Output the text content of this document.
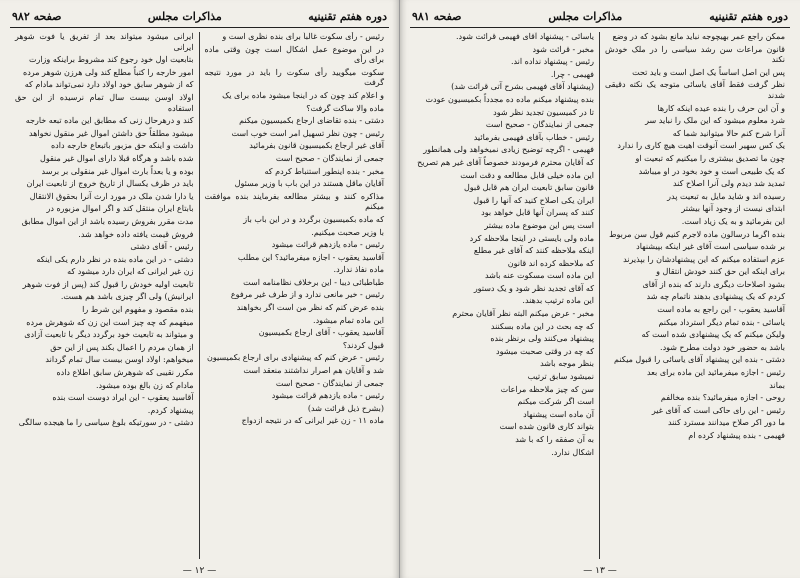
دوره هفتم تقنینیه
مذاکرات مجلس
صفحه ۹۸۲

رئیس - رأی سکوت غالباً برای بنده نظری است و

در این موضوع عمل اشکال است چون وقتی ماده برای رأی

سکوت میگویید رأی سکوت را باید در مورد نتیجه گرفت

و اعلام کند چون که در اینجا میشود ماده برای یک

ماده والا ساکت گرفت؟

دشتی - بنده تقاضای ارجاع بکمیسیون میکنم

رئیس - چون نظر تسهیل امر است خوب است

آقای غیر ارجاع بکمیسیون قانون بفرمائید

جمعی از نمایندگان - صحیح است

مخبر - بنده اینطور استنباط کردم که

آقایان ماقل هستند در این باب با وزیر مسئول

مذاکره کنند و بیشتر مطالعه بفرمایند بنده موافقت میکنم

که ماده بکمیسیون برگردد و در این باب باز

با وزیر صحبت میکنیم.

رئیس - ماده یازدهم قرائت میشود

آقاسید یعقوب - اجازه میفرمائید؟ این مطلب

ماده نفاذ ندارد.

طباطبائی دیبا - این برخلاف نظامنامه است

رئیس - خیر مانعی ندارد و از طرف غیر مرفوع

بنده عرض کنم که نظر من است اگر بخواهند

این ماده تمام میشود.

آقاسید یعقوب - آقای ارجاع بکمیسیون

قبول کردند؟

رئیس - عرض کنم که پیشنهادی برای ارجاع بکمیسیون

شد و آقایان هم اصرار نداشتند منعقد است

جمعی از نمایندگان - صحیح است

رئیس - ماده یازدهم قرائت میشود

(بشرح ذیل قرائت شد)

ماده ۱۱ - زن غیر ایرانی که در نتیجه ازدواج

ایرانی میشود میتواند بعد از تفریق یا فوت شوهر ایرانی

بتابعیت اول خود رجوع کند مشروط براینکه وزارت

امور خارجه را کتباً مطلع کند ولی هرزن شوهر مرده

که از شوهر سابق خود اولاد دارد نمی‌تواند مادام که

اولاد اوسن بیست سال تمام نرسیده از این حق استفاده

کند و درهرحال زنی که مطابق این ماده تبعه خارجه

میشود مطلقاً حق داشتن اموال غیر منقول نخواهد

داشت و اینکه حق مزبور باتبعاع خارجه داده

شده باشد و هرگاه قبلا دارای اموال غیر منقول

بوده و یا بعداً بارث اموال غیر منقولی بر برسد

باید در ظرف یکسال از تاریخ خروج از تابعیت ایران

یا دارا شدن ملک در مورد ارث آنرا بحقوق الانتقال

بابتاع ایران منتقل کند و اگر اموال مزبوره در

مدت مقرر بفروش رسیده باشد از این اموال مطابق

فروش قیمت یافته داده خواهد شد.

رئیس - آقای دشتی

دشتی - در این ماده بنده در نظر دارم یکی اینکه

زن غیر ایرانی که ایران دارد میشود که

تابعیت اولیه خودش را قبول کند (پس از فوت شوهر

ایرانیش) ولی اگر چیزی باشد هم هست.

بنده مقصود و مفهوم این شرط را

میفهمم که چه چیز است این زن که شوهرش مرده

و میتواند به تابعیت خود برگردد دیگر با تابعیت آزادی

از همان مردم را اعمال بکند پس از این حق

میخواهم: اولاد اوسن بیست سال تمام گرداند

مکرر نقیبی که شوهرش سابق اطلاع داده

مادام که زن بالغ بوده میشود.

آقاسید یعقوب - این ایراد دوست است بنده

پیشنهاد کردم.

دشتی - در سورتیکه بلوغ سیاسی را ما هیجده سالگی

— ۱۲ —
دوره هفتم تقنینیه
مذاکرات مجلس
صفحه ۹۸۱

ممکن راجع عمر بهیچوجه نباید مانع بشود که در وضع

قانون مراعات سن رشد سیاسی را در ملک خودش نکند

پس این اصل اساساً یک اصل است و باید تحت

نظر گرفت فقط آقای یاسائی متوجه یک نکته دقیقی شدند

و آن این حرف را بنده عیده اینکه کارها

شرد معلوم میشود که این ملک را نباید سر

آنرا شرح کنم حالا میتوانید شما که

یک کس سهیر است آنوقت اهیت هیچ کاری را ندارد

چون ما تصدیق بیشتری را میکنیم که تبعیت او

که یک طبیعی است و خود بخود در او میباشد

تمدید شد دیدم ولی آنرا اصلاح کند

رسیده اند و شاید مایل به تبعیت پدر

ابتدای نیست از وجود آنها بیشتر

این بفرمائید و به یک زیاد است.

بنده اگرما درسالون ماده لاجرم کنیم قول سن مربوط

بر شده سیاسی است آقای غیر اینکه بپیشنهاد

عزم استفاده میکنم که این پیشنهادشان را بپذیرند

برای اینکه این حق کنند خودش انتقال و

بشود اصلاحات دیگری دارند که بنده از آقای

کردم که یک پیشنهادی بدهند ناتمام چه شد

آقاسید یعقوب - این راجع به ماده است

یاسائی - بنده تمام دیگر استرداد میکنم

ولیکن میکنم که یک پیشنهادی شده است که

باشد به حضور خود دولت مطرح شود.

دشتی - بنده این پیشنهاد آقای یاسائی را قبول میکنم

رئیس - اجازه میفرمائید این ماده برای بعد

بماند

روحی - اجازه میفرمائید؟ بنده مخالفم

رئیس - این رای حاکی است که آقای غیر

ما دور اکر صلاح میدانند مسترد کنند

فهیمی - بنده پیشنهاد کرده ام

یاسائی - پیشنهاد آقای فهیمی قرائت شود.

مخبر - قرائت شود

رئیس - پیشنهاد نداده اند.

فهیمی - چرا.

(پیشنهاد آقای فهیمی بشرح آتی قرائت شد)

بنده پیشنهاد میکنم ماده ده مجدداً بکمیسیون عودت

تا در کمیسیون تجدید نظر شود

جمعی از نمایندگان - صحیح است

رئیس - خطاب بآقای فهیمی بفرمائید

فهیمی - اگرچه توضیح زیادی نمیخواهد ولی همانطور

که آقایان محترم فرمودند خصوصاً آقای غیر هم تصریح

این ماده خیلی قابل مطالعه و دقت است

قانون سابق تابعیت ایران هم قابل قبول

ایران یکی اصلاح کنید که آنها را قبول

کنند که پسران آنها قابل خواهد بود

است پس این موضوع ماده بیشتر

ماده ولی بایستی در اینجا ملاحظه کرد

اینکه ملاحظه کنند که آقای غیر مطلع

که ملاحظه کرده اند قانون

این ماده است مسکوت عنه باشد

که آقای تجدید نظر شود و یک دستور

این ماده ترتیب بدهند.

مخبر - عرض میکنم البته نظر آقایان محترم

که چه بحث در این ماده بسکنند

پیشنهاد می‌کنند ولی برنظر بنده

که چه در وقتی صحبت میشود

بنظر موجه باشد

نمیشود سابق ترتیب

سن که چیز ملاحظه مراعات

است اگر شرکت میکنم

آن ماده است پیشنهاد

بتواند کاری قانون شده است

به آن صفقه را که با شد

اشکال ندارد.

— ۱۳ —
